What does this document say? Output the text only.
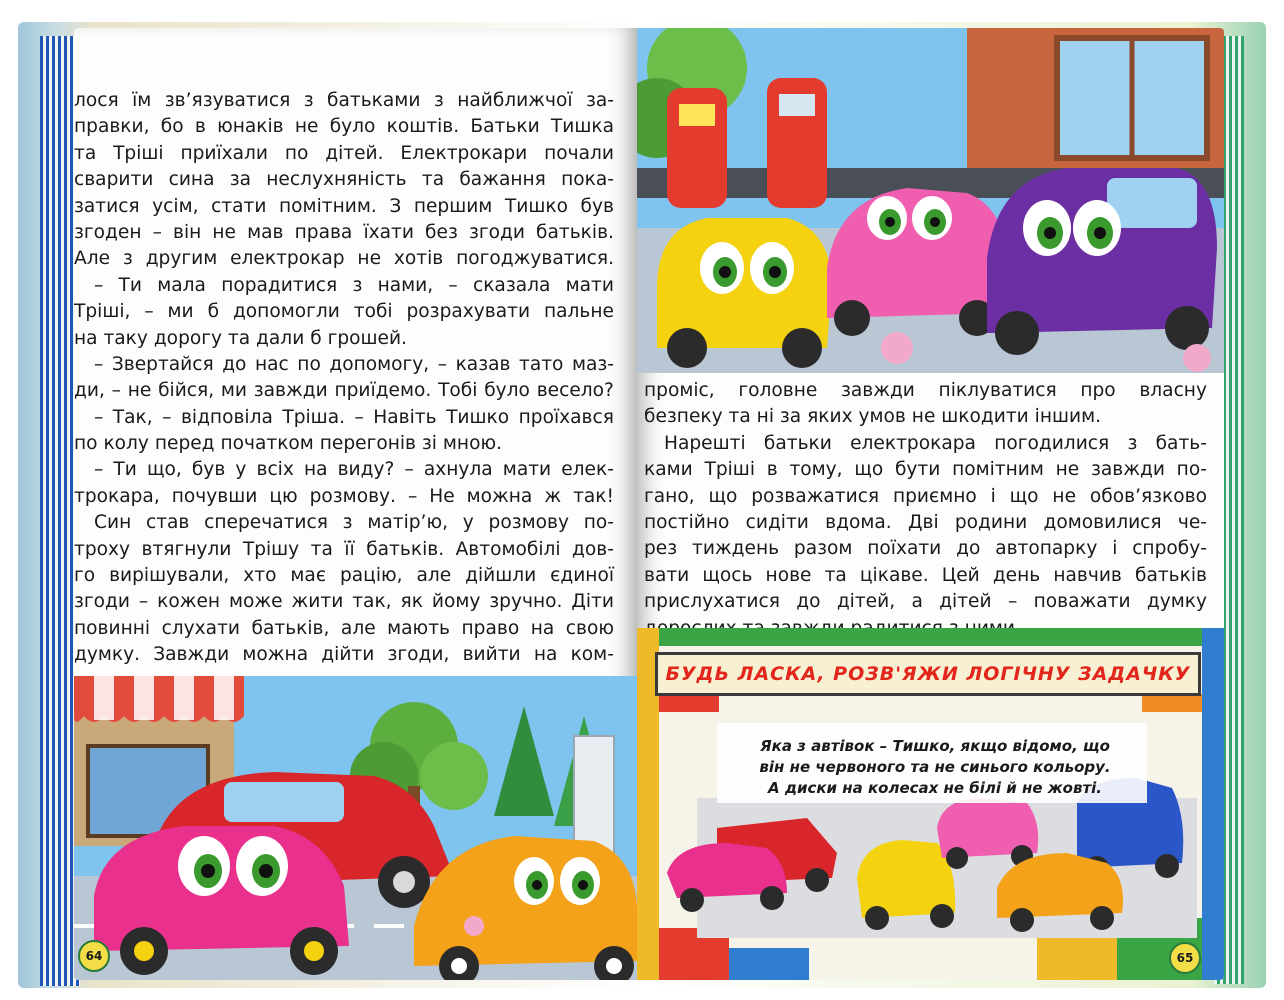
лося їм зв’язуватися з батьками з найближчої за-
правки, бо в юнаків не було коштів. Батьки Тишка
та Тріші приїхали по дітей. Електрокари почали
сварити сина за неслухняність та бажання пока-
затися усім, стати помітним. З першим Тишко був
згоден – він не мав права їхати без згоди батьків.
Але з другим електрокар не хотів погоджуватися.
– Ти мала порадитися з нами, – сказала мати
Тріші, – ми б допомогли тобі розрахувати пальне
на таку дорогу та дали б грошей.
– Звертайся до нас по допомогу, – казав тато маз-
ди, – не бійся, ми завжди приїдемо. Тобі було весело?
– Так, – відповіла Тріша. – Навіть Тишко проїхався
по колу перед початком перегонів зі мною.
– Ти що, був у всіх на виду? – ахнула мати елек-
трокара, почувши цю розмову. – Не можна ж так!
Син став сперечатися з матір’ю, у розмову по-
троху втягнули Трішу та її батьків. Автомобілі дов-
го вирішували, хто має рацію, але дійшли єдиної
згоди – кожен може жити так, як йому зручно. Діти
повинні слухати батьків, але мають право на свою
думку. Завжди можна дійти згоди, вийти на ком-
64
проміс, головне завжди піклуватися про власну
безпеку та ні за яких умов не шкодити іншим.
Нарешті батьки електрокара погодилися з бать-
ками Тріші в тому, що бути помітним не завжди по-
гано, що розважатися приємно і що не обов’язково
постійно сидіти вдома. Дві родини домовилися че-
рез тиждень разом поїхати до автопарку і спробу-
вати щось нове та цікаве. Цей день навчив батьків
прислухатися до дітей, а дітей – поважати думку
БУДЬ ЛАСКА, РОЗВ'ЯЖИ ЛОГІЧНУ ЗАДАЧКУ
Яка з автівок – Тишко, якщо відомо, що
він не червоного та не синього кольору.
А диски на колесах не білі й не жовті.
65
